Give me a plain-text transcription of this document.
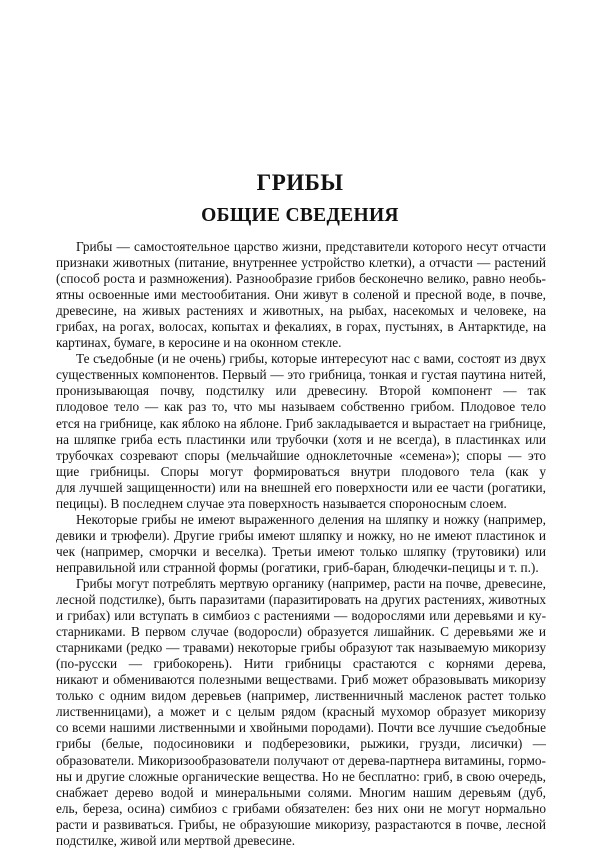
ГРИБЫ
ОБЩИЕ СВЕДЕНИЯ
Грибы — самостоятельное царство жизни, представители которого несут отчасти
признаки животных (питание, внутреннее устройство клетки), а отчасти — растений
(способ роста и размножения). Разнообразие грибов бесконечно велико, равно необь-
ятны освоенные ими местообитания. Они живут в соленой и пресной воде, в почве,
древесине, на живых растениях и животных, на рыбах, насекомых и человеке, на
грибах, на рогах, волосах, копытах и фекалиях, в горах, пустынях, в Антарктиде, на
картинах, бумаге, в керосине и на оконном стекле.
Те съедобные (и не очень) грибы, которые интересуют нас с вами, состоят из двух
существенных компонентов. Первый — это грибница, тонкая и густая паутина нитей,
пронизывающая почву, подстилку или древесину. Второй компонент — так
плодовое тело — как раз то, что мы называем собственно грибом. Плодовое тело
ется на грибнице, как яблоко на яблоне. Гриб закладывается и вырастает на грибнице,
на шляпке гриба есть пластинки или трубочки (хотя и не всегда), в пластинках или
трубочках созревают споры (мельчайшие одноклеточные «семена»); споры — это
щие грибницы. Споры могут формироваться внутри плодового тела (как у
для лучшей защищенности) или на внешней его поверхности или ее части (рогатики,
пецицы). В последнем случае эта поверхность называется спороносным слоем.
Некоторые грибы не имеют выраженного деления на шляпку и ножку (например,
девики и трюфели). Другие грибы имеют шляпку и ножку, но не имеют пластинок и
чек (например, сморчки и веселка). Третьи имеют только шляпку (трутовики) или
неправильной или странной формы (рогатики, гриб-баран, блюдечки-пецицы и т. п.).
Грибы могут потреблять мертвую органику (например, расти на почве, древесине,
лесной подстилке), быть паразитами (паразитировать на других растениях, животных
и грибах) или вступать в симбиоз с растениями — водорослями или деревьями и ку-
старниками. В первом случае (водоросли) образуется лишайник. С деревьями же и
старниками (редко — травами) некоторые грибы образуют так называемую микоризу
(по-русски — грибокорень). Нити грибницы срастаются с корнями дерева,
никают и обмениваются полезными веществами. Гриб может образовывать микоризу
только с одним видом деревьев (например, лиственничный масленок растет только
лиственницами), а может и с целым рядом (красный мухомор образует микоризу
со всеми нашими лиственными и хвойными породами). Почти все лучшие съедобные
грибы (белые, подосиновики и подберезовики, рыжики, грузди, лисички) —
образователи. Микоризообразователи получают от дерева-партнера витамины, гормо-
ны и другие сложные органические вещества. Но не бесплатно: гриб, в свою очередь,
снабжает дерево водой и минеральными солями. Многим нашим деревьям (дуб,
ель, береза, осина) симбиоз с грибами обязателен: без них они не могут нормально
расти и развиваться. Грибы, не образуюшие микоризу, разрастаются в почве, лесной
подстилке, живой или мертвой древесине.
